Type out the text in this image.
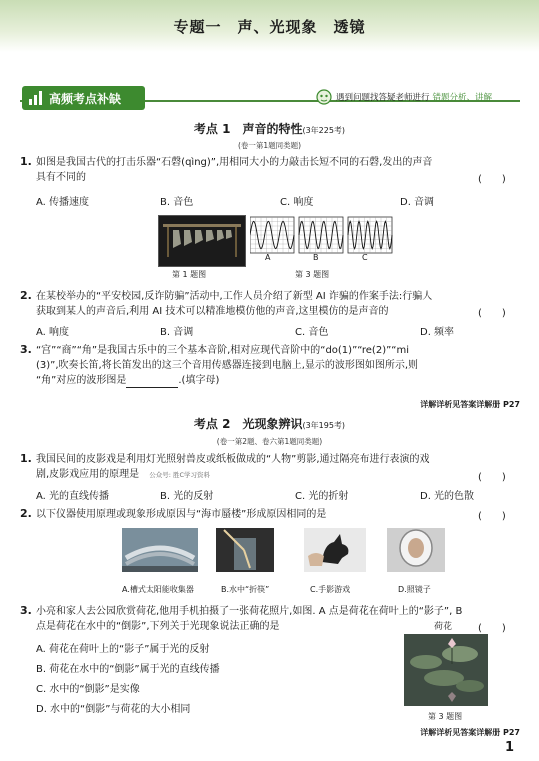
专题一　声、光现象　透镜
高频考点补缺	遇到问题找答疑老师进行 错题分析、讲解
考点 1　声音的特性(3年225考)
(卷一第1题同类题)
1. 如图是我国古代的打击乐器“石磬(qìng)”,用相同大小的力敲击长短不同的石磬,发出的声音
具有不同的	(　　)
A. 传播速度	B. 音色	C. 响度	D. 音调
第 1 题图
A	B	C
第 3 题图
2. 在某校举办的“平安校园,反诈防骗”活动中,工作人员介绍了新型 AI 诈骗的作案手法:行骗人
获取到某人的声音后,利用 AI 技术可以精准地模仿他的声音,这里模仿的是声音的	(　　)
A. 响度	B. 音调	C. 音色	D. 频率
3. “宫”“商”“角”是我国古乐中的三个基本音阶,相对应现代音阶中的“do(1)”“re(2)”“mi
(3)”,吹奏长笛,将长笛发出的这三个音用传感器连接到电脑上,显示的波形图如图所示,则
“角”对应的波形图是	.(填字母)
详解详析见答案详解册 P27
考点 2　光现象辨识(3年195考)
(卷一第2题、卷六第1题同类题)
1. 我国民间的皮影戏是利用灯光照射兽皮或纸板做成的“人物”剪影,通过隔亮布进行表演的戏
剧,皮影戏应用的原理是　 公众号: 胜C学习资料	(　　)
A. 光的直线传播	B. 光的反射	C. 光的折射	D. 光的色散
2. 以下仪器使用原理或现象形成原因与“海市蜃楼”形成原因相同的是	(　　)
A.槽式太阳能收集器	B.水中“折筷”	C.手影游戏	D.照镜子
3. 小亮和家人去公园欣赏荷花,他用手机拍摄了一张荷花照片,如图. A 点是荷花在荷叶上的“影子”, B
点是荷花在水中的“倒影”,下列关于光现象说法正确的是	(　　)
荷花
A. 荷花在荷叶上的“影子”属于光的反射
B. 荷花在水中的“倒影”属于光的直线传播
C. 水中的“倒影”是实像
D. 水中的“倒影”与荷花的大小相同
第 3 题图
详解详析见答案详解册 P27
1
